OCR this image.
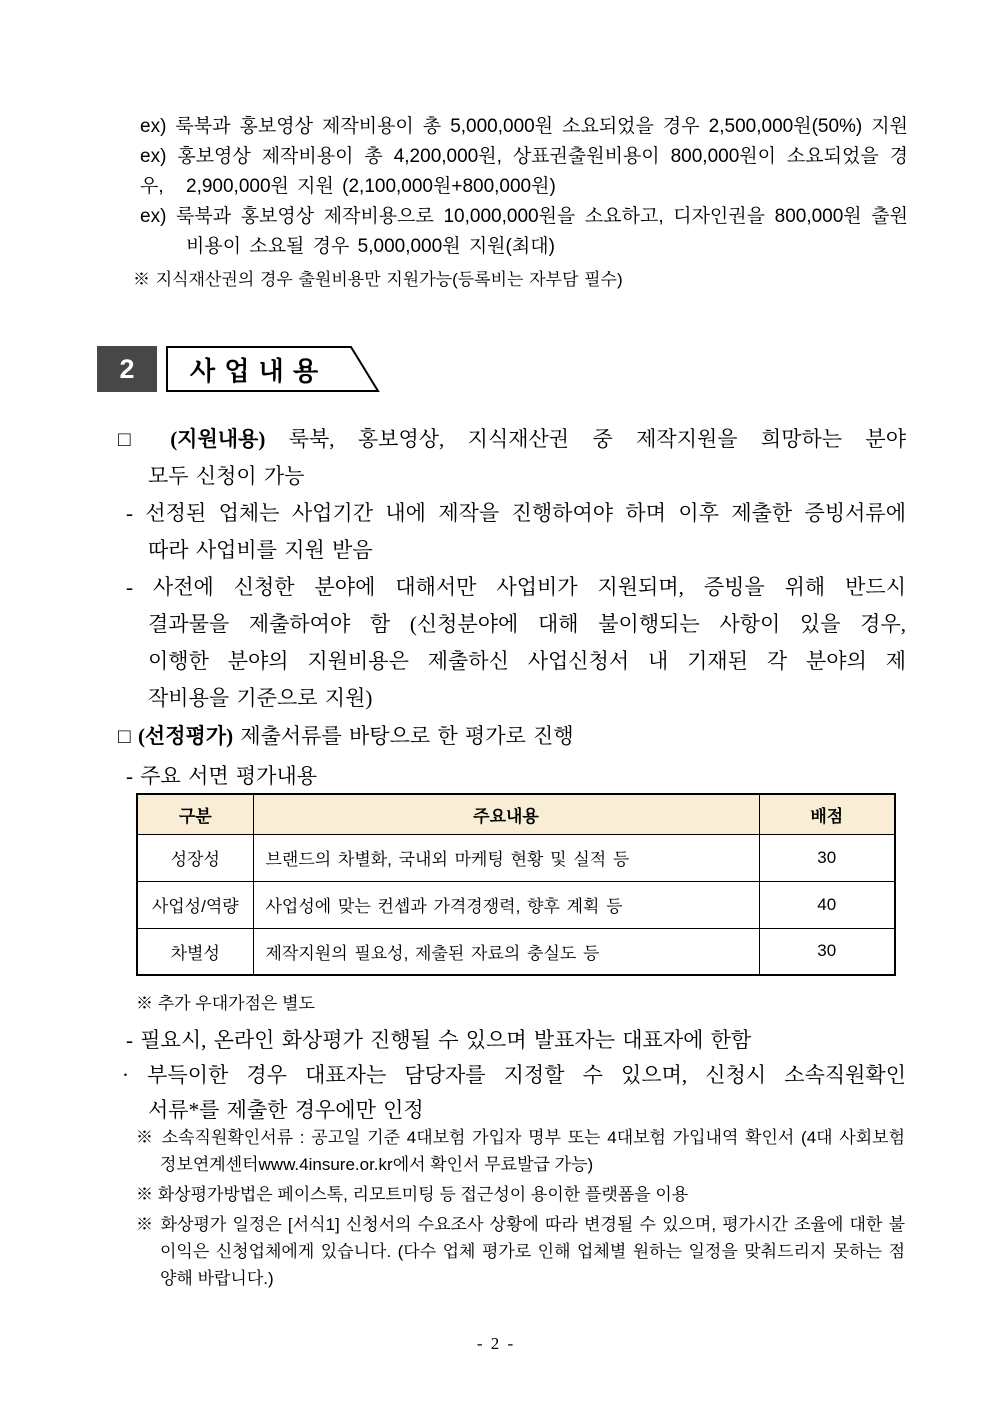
ex) 룩북과 홍보영상 제작비용이 총 5,000,000원 소요되었을 경우 2,500,000원(50%) 지원
ex) 홍보영상 제작비용이 총 4,200,000원, 상표권출원비용이 800,000원이 소요되었을 경우,	2,900,000원 지원 (2,100,000원+800,000원)
ex) 룩북과 홍보영상 제작비용으로 10,000,000원을 소요하고, 디자인권을 800,000원 출원
비용이 소요될 경우 5,000,000원 지원(최대)
※ 지식재산권의 경우 출원비용만 지원가능(등록비는 자부담 필수)
2	사 업 내 용
□ (지원내용) 룩북, 홍보영상, 지식재산권 중 제작지원을 희망하는 분야
모두 신청이 가능
- 선정된 업체는 사업기간 내에 제작을 진행하여야 하며 이후 제출한 증빙서류에
따라 사업비를 지원 받음
- 사전에 신청한 분야에 대해서만 사업비가 지원되며, 증빙을 위해 반드시
결과물을 제출하여야 함 (신청분야에 대해 불이행되는 사항이 있을 경우,
이행한 분야의 지원비용은 제출하신 사업신청서 내 기재된 각 분야의 제
작비용을 기준으로 지원)
□ (선정평가) 제출서류를 바탕으로 한 평가로 진행
- 주요 서면 평가내용
구분	주요내용	배점
성장성	브랜드의 차별화, 국내외 마케팅 현황 및 실적 등	30
사업성/역량	사업성에 맞는 컨셉과 가격경쟁력, 향후 계획 등	40
차별성	제작지원의 필요성, 제출된 자료의 충실도 등	30
※ 추가 우대가점은 별도
- 필요시, 온라인 화상평가 진행될 수 있으며 발표자는 대표자에 한함
· 부득이한 경우 대표자는 담당자를 지정할 수 있으며, 신청시 소속직원확인
서류*를 제출한 경우에만 인정
※ 소속직원확인서류 : 공고일 기준 4대보험 가입자 명부 또는 4대보험 가입내역 확인서 (4대 사회보험
정보연계센터www.4insure.or.kr에서 확인서 무료발급 가능)
※ 화상평가방법은 페이스톡, 리모트미팅 등 접근성이 용이한 플랫폼을 이용
※ 화상평가 일정은 [서식1] 신청서의 수요조사 상황에 따라 변경될 수 있으며, 평가시간 조율에 대한 불
이익은 신청업체에게 있습니다. (다수 업체 평가로 인해 업체별 원하는 일정을 맞춰드리지 못하는 점
양해 바랍니다.)
- 2 -
